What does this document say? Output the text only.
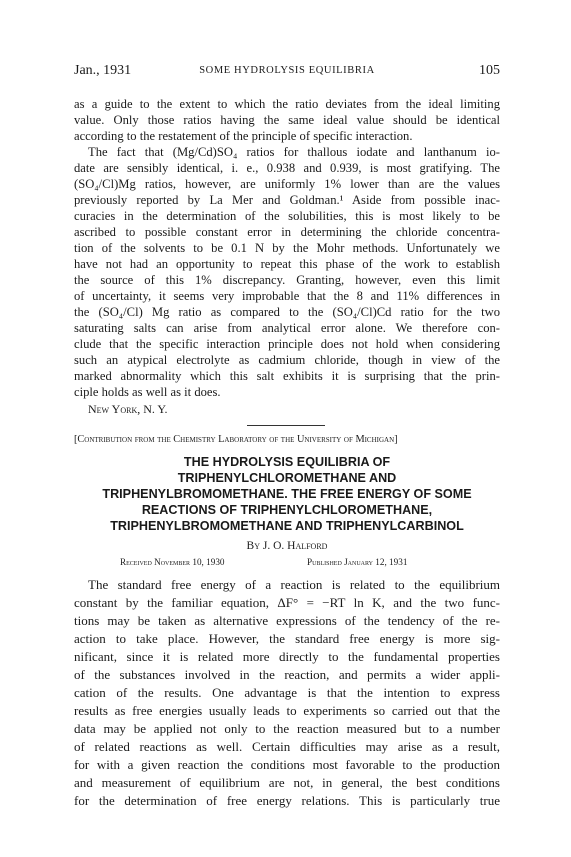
Jan., 1931	SOME HYDROLYSIS EQUILIBRIA	105
as a guide to the extent to which the ratio deviates from the ideal limiting
value. Only those ratios having the same ideal value should be identical
according to the restatement of the principle of specific interaction.
The fact that (Mg/Cd)SO₄ ratios for thallous iodate and lanthanum io-
date are sensibly identical, i. e., 0.938 and 0.939, is most gratifying. The
(SO₄/Cl)Mg ratios, however, are uniformly 1% lower than are the values
previously reported by La Mer and Goldman.¹ Aside from possible inac-
curacies in the determination of the solubilities, this is most likely to be
ascribed to possible constant error in determining the chloride concentra-
tion of the solvents to be 0.1 N by the Mohr methods. Unfortunately we
have not had an opportunity to repeat this phase of the work to establish
the source of this 1% discrepancy. Granting, however, even this limit
of uncertainty, it seems very improbable that the 8 and 11% differences in
the (SO₄/Cl) Mg ratio as compared to the (SO₄/Cl)Cd ratio for the two
saturating salts can arise from analytical error alone. We therefore con-
clude that the specific interaction principle does not hold when considering
such an atypical electrolyte as cadmium chloride, though in view of the
marked abnormality which this salt exhibits it is surprising that the prin-
ciple holds as well as it does.
New York, N. Y.
[Contribution from the Chemistry Laboratory of the University of Michigan]
THE HYDROLYSIS EQUILIBRIA OF
TRIPHENYLCHLOROMETHANE AND
TRIPHENYLBROMOMETHANE. THE FREE ENERGY OF SOME
REACTIONS OF TRIPHENYLCHLOROMETHANE,
TRIPHENYLBROMOMETHANE AND TRIPHENYLCARBINOL
By J. O. Halford
Received November 10, 1930	Published January 12, 1931
The standard free energy of a reaction is related to the equilibrium
constant by the familiar equation, ΔF° = −RT ln K, and the two func-
tions may be taken as alternative expressions of the tendency of the re-
action to take place. However, the standard free energy is more sig-
nificant, since it is related more directly to the fundamental properties
of the substances involved in the reaction, and permits a wider appli-
cation of the results. One advantage is that the intention to express
results as free energies usually leads to experiments so carried out that the
data may be applied not only to the reaction measured but to a number
of related reactions as well. Certain difficulties may arise as a result,
for with a given reaction the conditions most favorable to the production
and measurement of equilibrium are not, in general, the best conditions
for the determination of free energy relations. This is particularly true
